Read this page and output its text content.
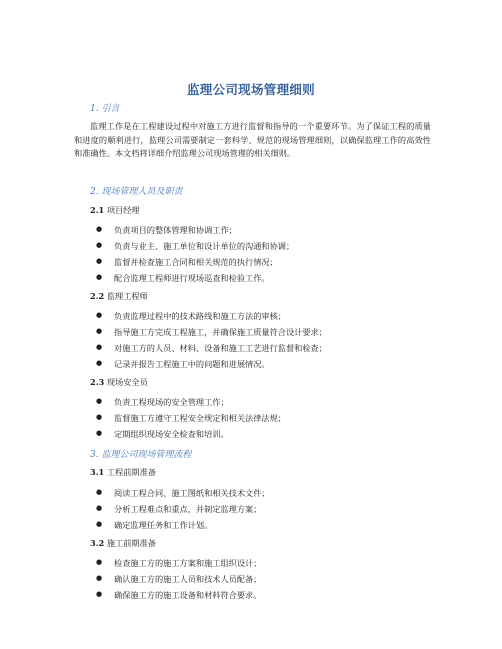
监理公司现场管理细则
1. 引言
监理工作是在工程建设过程中对施工方进行监督和指导的一个重要环节。为了保证工程的质量和进度的顺利进行，监理公司需要制定一套科学、规范的现场管理细则，以确保监理工作的高效性和准确性。本文档将详细介绍监理公司现场管理的相关细则。
2. 现场管理人员及职责
2.1 项目经理
● 负责项目的整体管理和协调工作；
● 负责与业主、施工单位和设计单位的沟通和协调；
● 监督并检查施工合同和相关规范的执行情况；
● 配合监理工程师进行现场巡查和检验工作。
2.2 监理工程师
● 负责监理过程中的技术路线和施工方法的审核；
● 指导施工方完成工程施工，并确保施工质量符合设计要求；
● 对施工方的人员、材料、设备和施工工艺进行监督和检查；
● 记录并报告工程施工中的问题和进展情况。
2.3 现场安全员
● 负责工程现场的安全管理工作；
● 监督施工方遵守工程安全规定和相关法律法规；
● 定期组织现场安全检查和培训。
3. 监理公司现场管理流程
3.1 工程前期准备
● 阅读工程合同、施工图纸和相关技术文件；
● 分析工程难点和重点，并制定监理方案；
● 确定监理任务和工作计划。
3.2 施工前期准备
● 检查施工方的施工方案和施工组织设计；
● 确认施工方的施工人员和技术人员配备；
● 确保施工方的施工设备和材料符合要求。
